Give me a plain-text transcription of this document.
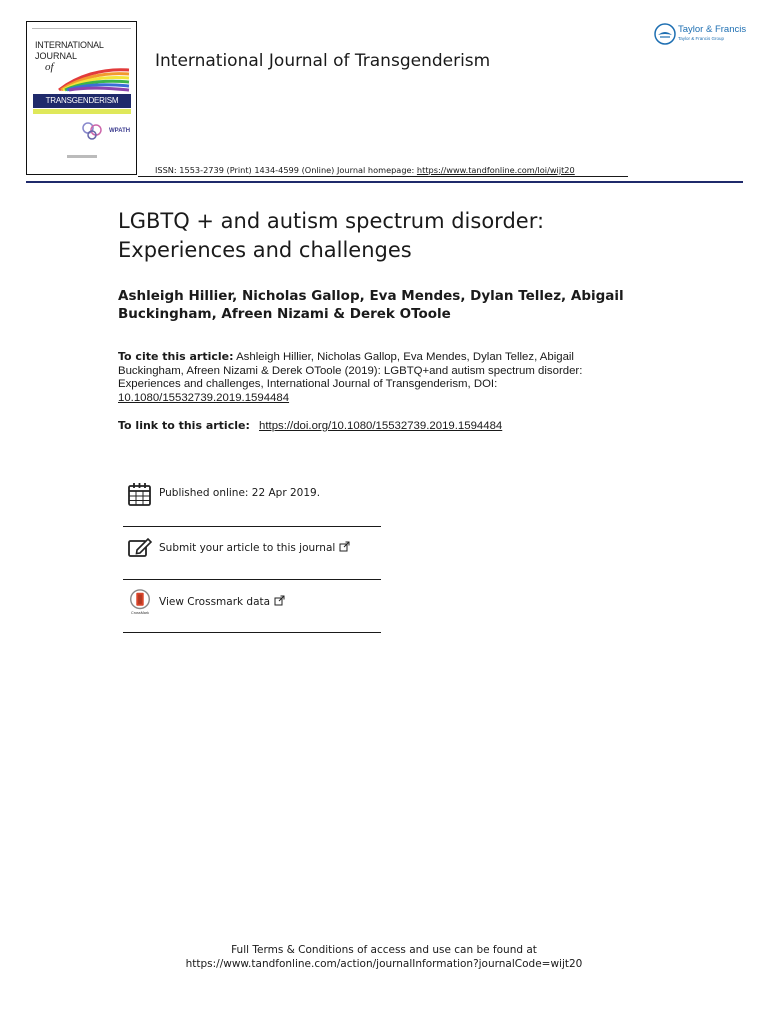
INTERNATIONAL
JOURNAL
of
TRANSGENDERISM
WPATH
International Journal of Transgenderism
Taylor & Francis
Taylor & Francis Group
ISSN: 1553-2739 (Print) 1434-4599 (Online) Journal homepage: https://www.tandfonline.com/loi/wijt20
LGBTQ + and autism spectrum disorder:
Experiences and challenges
Ashleigh Hillier, Nicholas Gallop, Eva Mendes, Dylan Tellez, Abigail
Buckingham, Afreen Nizami & Derek OToole
To cite this article: Ashleigh Hillier, Nicholas Gallop, Eva Mendes, Dylan Tellez, Abigail Buckingham, Afreen Nizami & Derek OToole (2019): LGBTQ+and autism spectrum disorder: Experiences and challenges, International Journal of Transgenderism, DOI: 10.1080/15532739.2019.1594484
To link to this article: https://doi.org/10.1080/15532739.2019.1594484
Published online: 22 Apr 2019.
Submit your article to this journal
CrossMark
View Crossmark data
Full Terms & Conditions of access and use can be found at
https://www.tandfonline.com/action/journalInformation?journalCode=wijt20
